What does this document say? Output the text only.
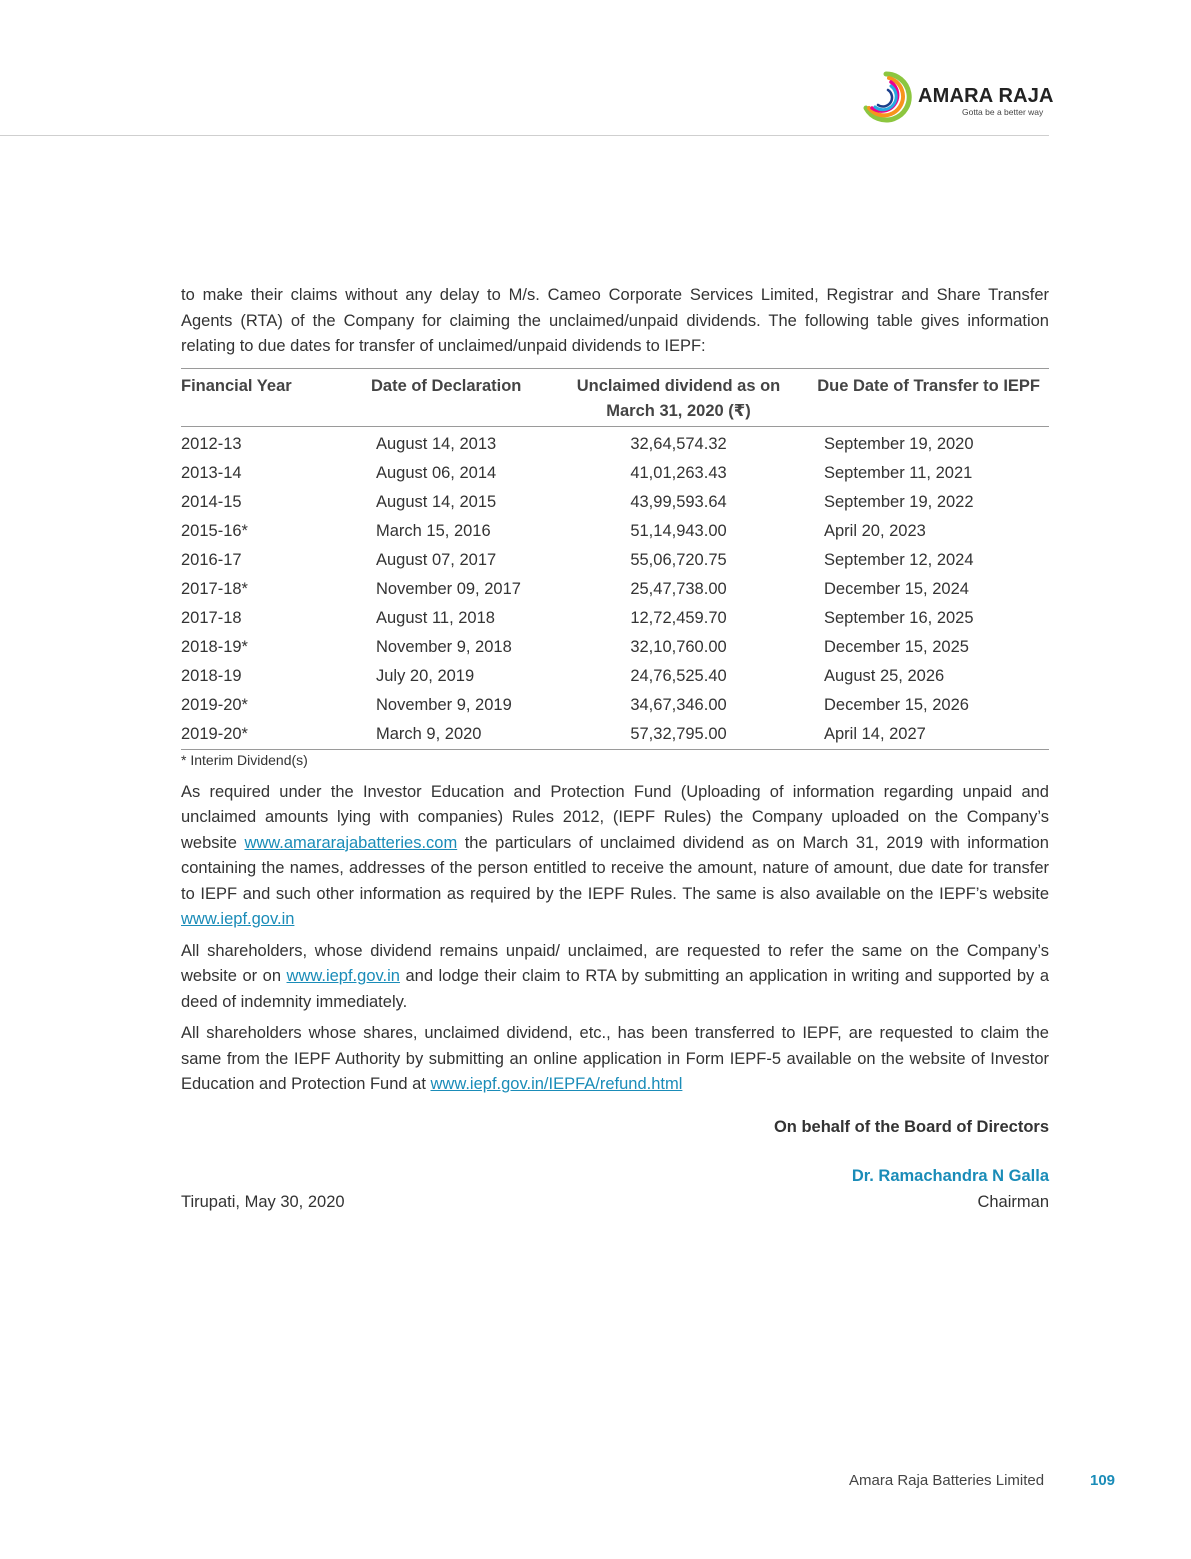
AMARA RAJA
Gotta be a better way

to make their claims without any delay to M/s. Cameo Corporate Services Limited, Registrar and Share Transfer Agents (RTA) of the Company for claiming the unclaimed/unpaid dividends. The following table gives information relating to due dates for transfer of unclaimed/unpaid dividends to IEPF:

Financial Year	Date of Declaration	Unclaimed dividend as on March 31, 2020 (₹)	Due Date of Transfer to IEPF
2012-13	August 14, 2013	32,64,574.32	September 19, 2020
2013-14	August 06, 2014	41,01,263.43	September 11, 2021
2014-15	August 14, 2015	43,99,593.64	September 19, 2022
2015-16*	March 15, 2016	51,14,943.00	April 20, 2023
2016-17	August 07, 2017	55,06,720.75	September 12, 2024
2017-18*	November 09, 2017	25,47,738.00	December 15, 2024
2017-18	August 11, 2018	12,72,459.70	September 16, 2025
2018-19*	November 9, 2018	32,10,760.00	December 15, 2025
2018-19	July 20, 2019	24,76,525.40	August 25, 2026
2019-20*	November 9, 2019	34,67,346.00	December 15, 2026
2019-20*	March 9, 2020	57,32,795.00	April 14, 2027
* Interim Dividend(s)

As required under the Investor Education and Protection Fund (Uploading of information regarding unpaid and unclaimed amounts lying with companies) Rules 2012, (IEPF Rules) the Company uploaded on the Company’s website www.amararajabatteries.com the particulars of unclaimed dividend as on March 31, 2019 with information containing the names, addresses of the person entitled to receive the amount, nature of amount, due date for transfer to IEPF and such other information as required by the IEPF Rules. The same is also available on the IEPF’s website www.iepf.gov.in

All shareholders, whose dividend remains unpaid/ unclaimed, are requested to refer the same on the Company’s website or on www.iepf.gov.in and lodge their claim to RTA by submitting an application in writing and supported by a deed of indemnity immediately.

All shareholders whose shares, unclaimed dividend, etc., has been transferred to IEPF, are requested to claim the same from the IEPF Authority by submitting an online application in Form IEPF-5 available on the website of Investor Education and Protection Fund at www.iepf.gov.in/IEPFA/refund.html

On behalf of the Board of Directors
Dr. Ramachandra N Galla
Chairman
Tirupati, May 30, 2020
Amara Raja Batteries Limited	109
